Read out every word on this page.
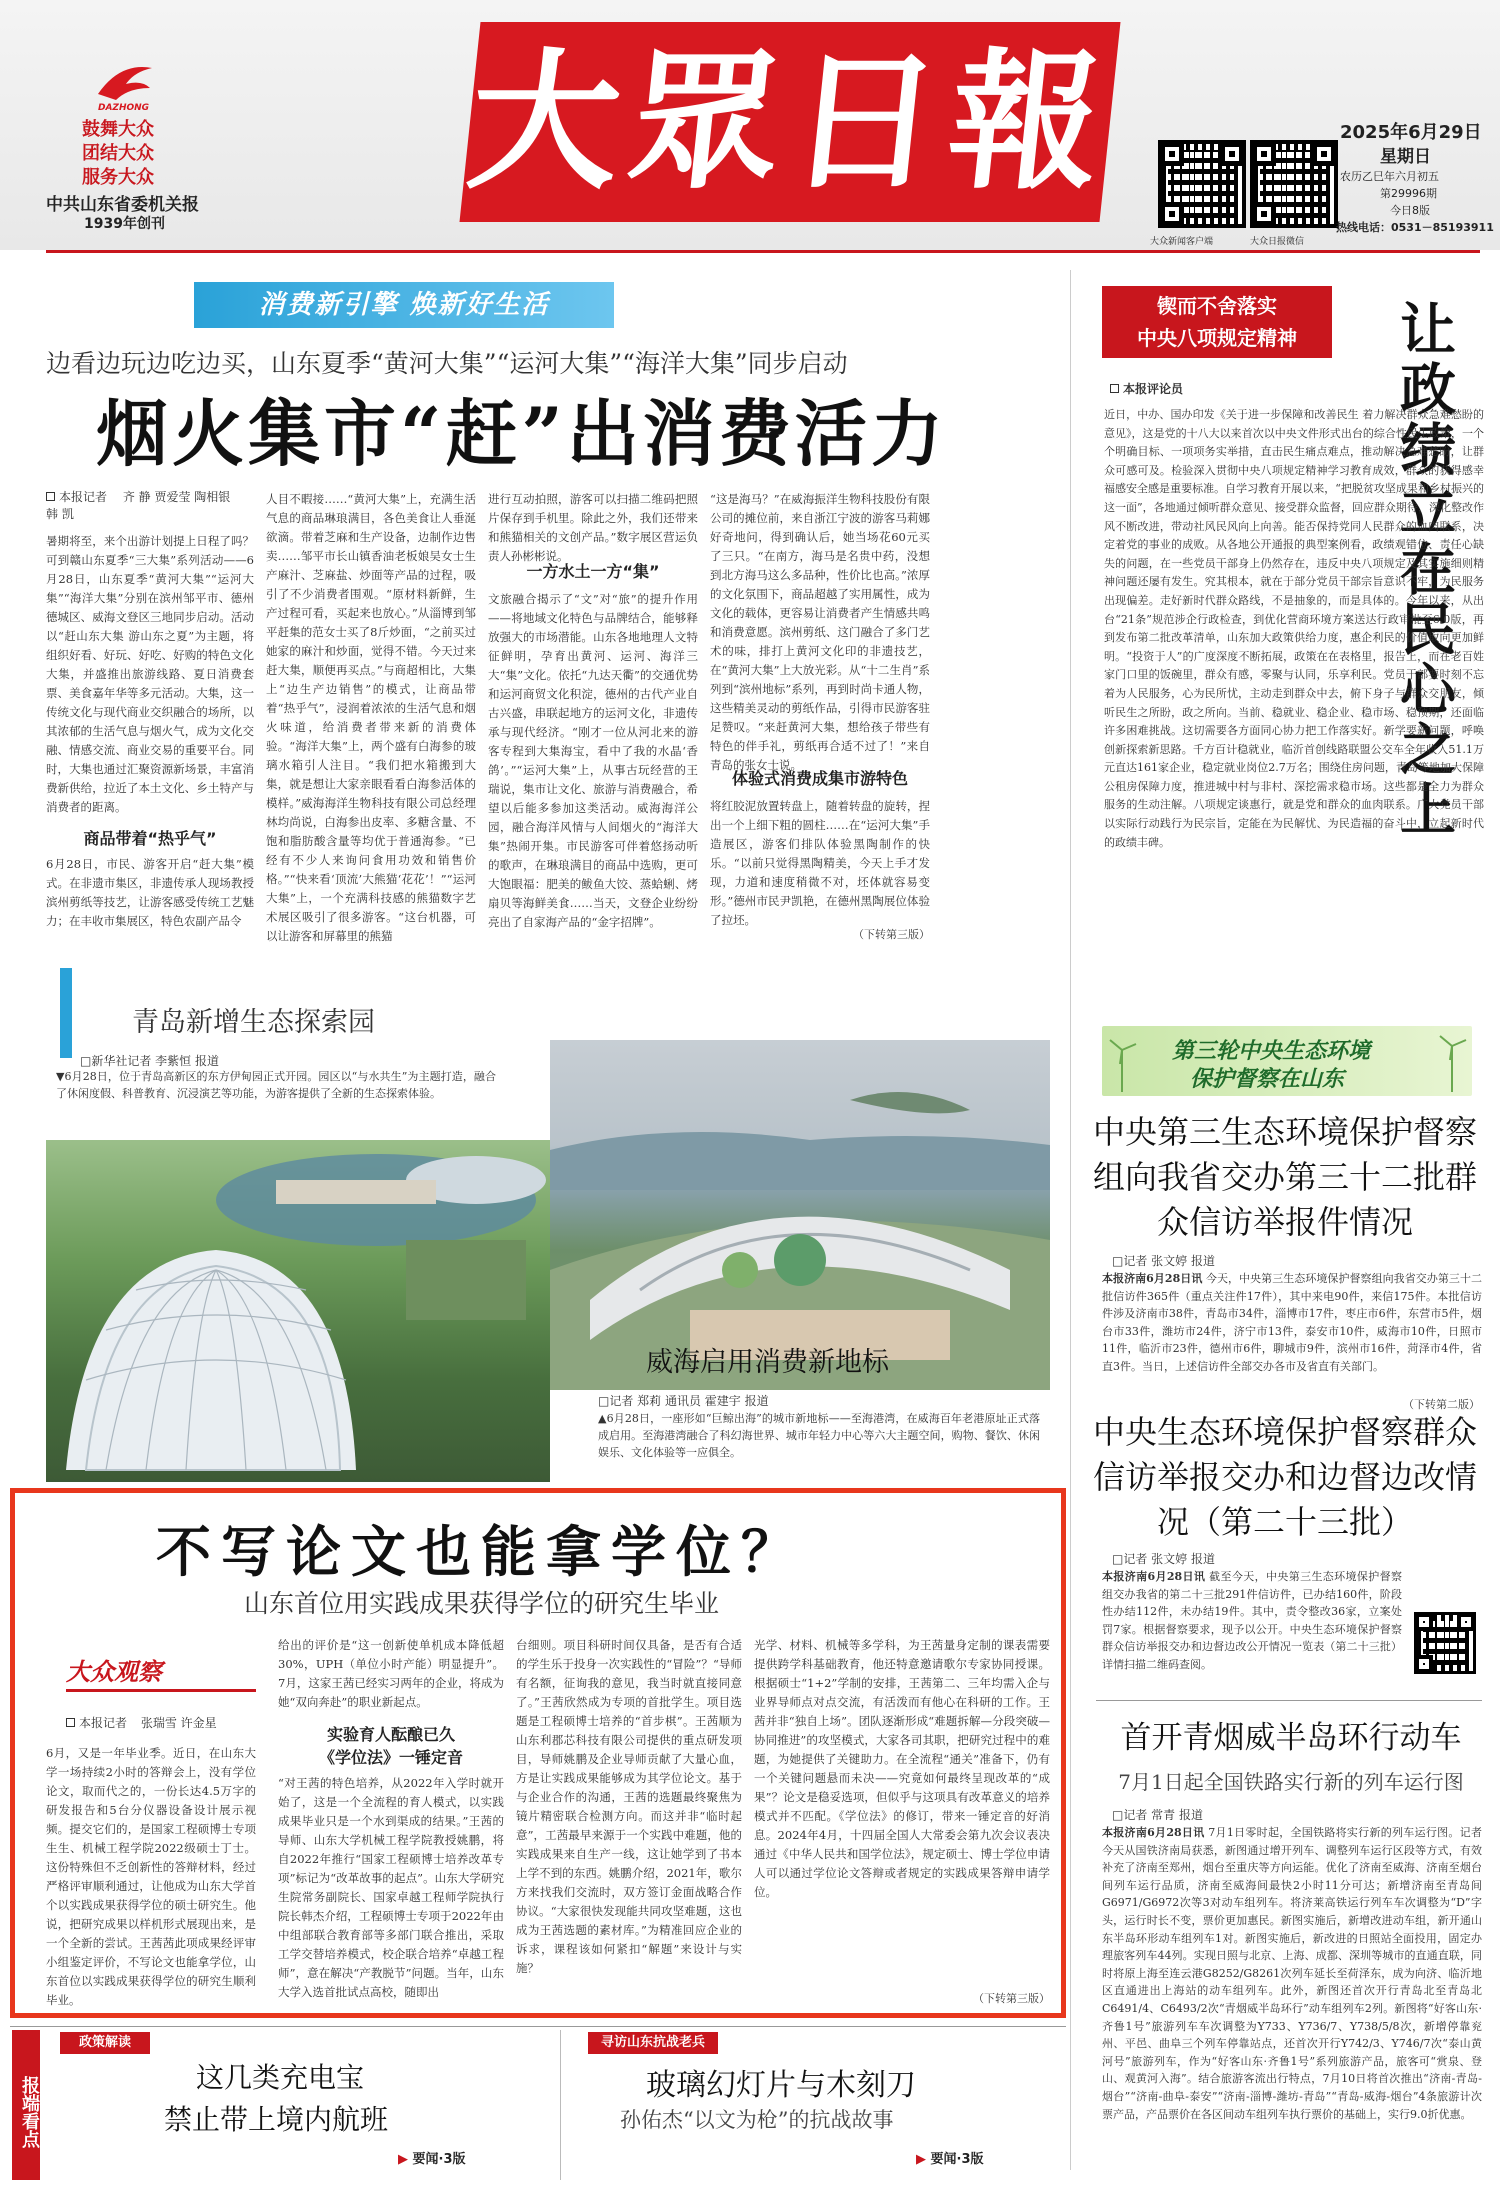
DAZHONG
鼓舞大众
团结大众
服务大众
中共山东省委机关报
1939年创刊
大眾日報
大众新闻客户端	大众日报微信
2025年6月29日
星期日
农历乙巳年六月初五
第29996期
今日8版
热线电话：0531－85193911
消费新引擎 焕新好生活
边看边玩边吃边买，山东夏季“黄河大集”“运河大集”“海洋大集”同步启动
烟火集市“赶”出消费活力
本报记者 齐 静 贾爱莹 陶相银 韩 凯
暑期将至，来个出游计划提上日程了吗？可到赣山东夏季“三大集”系列活动——6月28日，山东夏季“黄河大集”“运河大集”“海洋大集”分别在滨州邹平市、德州德城区、威海文登区三地同步启动。活动以“赶山东大集 游山东之夏”为主题，将组织好看、好玩、好吃、好购的特色文化大集，并盛推出旅游线路、夏日消费套票、美食嘉年华等多元活动。大集，这一传统文化与现代商业交织融合的场所，以其浓郁的生活气息与烟火气，成为文化交融、情感交流、商业交易的重要平台。同时，大集也通过汇聚资源新场景，丰富消费新供给，拉近了本土文化、乡土特产与消费者的距离。
商品带着“热乎气”
6月28日，市民、游客开启“赶大集”模式。在非遗市集区，非遗传承人现场教授滨州剪纸等技艺，让游客感受传统工艺魅力；在丰收市集展区，特色农副产品令
人目不暇接……“黄河大集”上，充满生活气息的商品琳琅满目，各色美食让人垂涎欲滴。带着芝麻和生产设备，边制作边售卖……邹平市长山镇香油老板娘吴女士生产麻汁、芝麻盐、炒面等产品的过程，吸引了不少消费者围观。“原材料新鲜，生产过程可看，买起来也放心。”从淄博到邹平赶集的范女士买了8斤炒面，“之前买过她家的麻汁和炒面，觉得不错。今天过来赶大集，顺便再买点。”与商超相比，大集上“边生产边销售”的模式，让商品带着“热乎气”，浸润着浓浓的生活气息和烟火味道，给消费者带来新的消费体验。“海洋大集”上，两个盛有白海参的玻璃水箱引人注目。“我们把水箱搬到大集，就是想让大家亲眼看看白海参活体的模样。”威海海洋生物科技有限公司总经理林均尚说，白海参出皮率、多糖含量、不饱和脂肪酸含量等均优于普通海参。“已经有不少人来询问食用功效和销售价格。”“快来看‘顶流’大熊猫‘花花’！”“运河大集”上，一个充满科技感的熊猫数字艺术展区吸引了很多游客。“这台机器，可以让游客和屏幕里的熊猫
进行互动拍照，游客可以扫描二维码把照片保存到手机里。除此之外，我们还带来和熊猫相关的文创产品。”数字展区营运负责人孙彬彬说。
一方水土一方“集”
文旅融合揭示了“文”对“旅”的提升作用——将地域文化特色与品牌结合，能够释放强大的市场潜能。山东各地地理人文特征鲜明，孕育出黄河、运河、海洋三大“集”文化。依托“九达天衢”的交通优势和运河商贸文化积淀，德州的古代产业自古兴盛，串联起地方的运河文化，非遗传承与现代经济。“刚才一位从河北来的游客专程到大集海宝，看中了我的水晶‘香鸽’。”“运河大集”上，从事古玩经营的王瑞说，集市让文化、旅游与消费融合，希望以后能多参加这类活动。威海海洋公园，融合海洋风情与人间烟火的“海洋大集”热闹开集。市民游客可伴着悠扬动听的歌声，在琳琅满目的商品中选购，更可大饱眼福：肥美的鲅鱼大饺、蒸蛤蜊、烤扇贝等海鲜美食……当天，文登企业纷纷亮出了自家海产品的“金字招牌”。
“这是海马？”在威海振洋生物科技股份有限公司的摊位前，来自浙江宁波的游客马莉娜好奇地问，得到确认后，她当场花60元买了三只。“在南方，海马是名贵中药，没想到北方海马这么多品种，性价比也高。”浓厚的文化氛围下，商品超越了实用属性，成为文化的载体，更容易让消费者产生情感共鸣和消费意愿。滨州剪纸、这门融合了多门艺术的味，排打上黄河文化印的非遗技艺，在“黄河大集”上大放光彩。从“十二生肖”系列到“滨州地标”系列，再到时尚卡通人物，这些精美灵动的剪纸作品，引得市民游客驻足赞叹。“来赶黄河大集，想给孩子带些有特色的伴手礼，剪纸再合适不过了！”来自青岛的张女士说。
体验式消费成集市游特色
将红胶泥放置转盘上，随着转盘的旋转，捏出一个上细下粗的圆柱……在“运河大集”手造展区，游客们排队体验黑陶制作的快乐。“以前只觉得黑陶精美，今天上手才发现，力道和速度稍微不对，坯体就容易变形。”德州市民尹凯艳，在德州黑陶展位体验了拉坯。
（下转第三版）
青岛新增生态探索园
□新华社记者 李紫恒 报道
▼6月28日，位于青岛高新区的东方伊甸园正式开园。园区以“与水共生”为主题打造，融合了休闲度假、科普教育、沉浸演艺等功能，为游客提供了全新的生态探索体验。
威海启用消费新地标
□记者 郑莉 通讯员 霍建宇 报道
▲6月28日，一座形如“巨鲸出海”的城市新地标——至海港湾，在威海百年老港原址正式落成启用。至海港湾融合了科幻海世界、城市年轻力中心等六大主题空间，购物、餐饮、休闲娱乐、文化体验等一应俱全。
不写论文也能拿学位？
山东首位用实践成果获得学位的研究生毕业
大众观察
本报记者 张瑞雪 许金星
6月，又是一年毕业季。近日，在山东大学一场持续2小时的答辩会上，没有学位论文，取而代之的，一份长达4.5万字的研发报告和5台分仪器设备设计展示视频。提交它们的，是国家工程硕博士专项生生、机械工程学院2022级硕士丁士。这份特殊但不乏创新性的答辩材料，经过严格评审顺利通过，让他成为山东大学首个以实践成果获得学位的硕士研究生。他说，把研究成果以样机形式展现出来，是一个全新的尝试。王茜茜此项成果经评审小组鉴定评价，不写论文也能拿学位，山东首位以实践成果获得学位的研究生顺利毕业。
给出的评价是“这一创新使单机成本降低超30%，UPH（单位小时产能）明显提升”。7月，这家王茜已经实习两年的企业，将成为她“双向奔赴”的职业新起点。
实验育人酝酿已久
《学位法》一锤定音
“对王茜的特色培养，从2022年入学时就开始了，这是一个全流程的育人模式，以实践成果毕业只是一个水到渠成的结果。”王茜的导师、山东大学机械工程学院教授姚鹏，将自2022年推行“国家工程硕博士培养改革专项”标记为“改革故事的起点”。山东大学研究生院常务副院长、国家卓越工程师学院执行院长韩杰介绍，工程硕博士专项于2022年由中组部联合教育部等多部门联合推出，采取工学交替培养模式，校企联合培养“卓越工程师”，意在解决“产教脱节”问题。当年，山东大学入选首批试点高校，随即出
台细则。项目科研时间仅具备，是否有合适的学生乐于投身一次实践性的“冒险”？“导师有名额，征询我的意见，我当时就直接同意了。”王茜欣然成为专项的首批学生。项目选题是工程硕博士培养的“首步棋”。王茜顺为山东利郡芯科技有限公司提供的重点研发项目，导师姚鹏及企业导师贡献了大量心血，方是让实践成果能够成为其学位论文。基于与企业合作的沟通，王茜的选题最终聚焦为镜片精密联合检测方向。而这并非“临时起意”，工茜最早来源于一个实践中难题，他的实践成果来自生产一线，这让她学到了书本上学不到的东西。姚鹏介绍，2021年，歌尔方来找我们交流时，双方签订金面战略合作协议。“大家很快发现能共同攻坚难题，这也成为王茜选题的素材库。”为精准回应企业的诉求，课程该如何紧扣“解题”来设计与实施？
光学、材料、机械等多学科，为王茜量身定制的课表需要提供跨学科基础教育，他还特意邀请歌尔专家协同授课。根据硕士“1+2”学制的安排，王茜第二、三年均需入企与业界导师点对点交流，有活泼而有他心在科研的工作。王茜并非“独自上场”。团队逐渐形成“难题拆解—分段突破—协同推进”的攻坚模式，大家各司其职，把研究过程中的难题，为她提供了关键助力。在全流程“通关”准备下，仍有一个关键问题悬而未决——究竟如何最终呈现改革的“成果”？论文是稳妥选项，但似乎与这项具有改革意义的培养模式并不匹配。《学位法》的修订，带来一锤定音的好消息。2024年4月，十四届全国人大常委会第九次会议表决通过《中华人民共和国学位法》，规定硕士、博士学位申请人可以通过学位论文答辩或者规定的实践成果答辩申请学位。
（下转第三版）
报端看点
政策解读
这几类充电宝
禁止带上境内航班
▶ 要闻·3版
寻访山东抗战老兵
玻璃幻灯片与木刻刀
孙佑杰“以文为枪”的抗战故事
▶ 要闻·3版
锲而不舍落实
中央八项规定精神	让政绩立在民心之上
本报评论员
近日，中办、国办印发《关于进一步保障和改善民生 着力解决群众急难愁盼的意见》，这是党的十八大以来首次以中央文件形式出台的综合性民生政策，一个个明确目标、一项项务实举措，直击民生痛点难点，推动解决急难愁盼，让群众可感可及。检验深入贯彻中央八项规定精神学习教育成效，群众的获得感幸福感安全感是重要标准。自学习教育开展以来，“把脱贫攻坚成果和乡村振兴的这一面”，各地通过倾听群众意见、接受群众监督，回应群众期待，深化整改作风不断改进，带动社风民风向上向善。能否保持党同人民群众的血肉联系，决定着党的事业的成败。从各地公开通报的典型案例看，政绩观错位、责任心缺失的问题，在一些党员干部身上仍然存在，违反中央八项规定及其实施细则精神问题还屡有发生。究其根本，就在于部分党员干部宗旨意识不牢，为民服务出现偏差。走好新时代群众路线，不是抽象的，而是具体的。今年以来，从出台“21条”规范涉企行政检查，到优化营商环境方案送达行政审批至6.0版，再到发布第二批改革清单，山东加大政策供给力度，惠企利民的价值取向更加鲜明。“投资于人”的广度深度不断拓展，政策在在表格里，报告上，而在老百姓家门口里的饭碗里，群众有感，零聚与认同，乐享利民。党员干部要时刻不忘着为人民服务，心为民所忧，主动走到群众中去，俯下身子与群众交朋友，倾听民生之所盼，政之所向。当前、稳就业、稳企业、稳市场、稳预期，还面临许多困难挑战。这切需要各方面同心协力把工作落实好。新学要新问题，呼唤创新探索新思路。千方百计稳就业，临沂首创线路联盟公交车全年收入51.1万元直达161家企业，稳定就业岗位2.7万名；围绕住房问题，青岛等地加大保障公租房保障力度，推进城中村与非村、深挖需求稳市场。这些都是全力为群众服务的生动注解。八项规定谈惠行，就是党和群众的血肉联系。广大党员干部以实际行动践行为民宗旨，定能在为民解忧、为民造福的奋斗中，立起新时代的政绩丰碑。
第三轮中央生态环境
保护督察在山东
中央第三生态环境保护督察组向我省交办第三十二批群众信访举报件情况
□记者 张文婷 报道
本报济南6月28日讯 今天，中央第三生态环境保护督察组向我省交办第三十二批信访件365件（重点关注件17件），其中来电90件，来信175件。本批信访件涉及济南市38件，青岛市34件，淄博市17件，枣庄市6件，东营市5件，烟台市33件，潍坊市24件，济宁市13件，泰安市10件，威海市10件，日照市11件，临沂市23件，德州市6件，聊城市9件，滨州市16件，菏泽市4件，省直3件。当日，上述信访件全部交办各市及省直有关部门。
（下转第二版）
中央生态环境保护督察群众信访举报交办和边督边改情况（第二十三批）
□记者 张文婷 报道
本报济南6月28日讯 截至今天，中央第三生态环境保护督察组交办我省的第二十三批291件信访件，已办结160件，阶段性办结112件，未办结19件。其中，责令整改36家，立案处罚7家。根据督察要求，现予以公开。中央生态环境保护督察群众信访举报交办和边督边改公开情况一览表（第二十三批）详情扫描二维码查阅。
首开青烟威半岛环行动车
7月1日起全国铁路实行新的列车运行图
□记者 常青 报道
本报济南6月28日讯 7月1日零时起，全国铁路将实行新的列车运行图。记者今天从国铁济南局获悉，新图通过增开列车、调整列车运行区段等方式，有效补充了济南至郑州，烟台至重庆等方向运能。优化了济南至威海、济南至烟台间列车运行品质，济南至威海间最快2小时11分可达；新增济南至青岛间G6971/G6972次等3对动车组列车。将济莱高铁运行列车车次调整为“D”字头，运行时长不变，票价更加惠民。新图实施后，新增改进动车组，新开通山东半岛环形动车组列车1对。新图实施后，新改进的日照站全面投用，固定办理旅客列车44列。实现日照与北京、上海、成都、深圳等城市的直通直联，同时将原上海至连云港G8252/G8261次列车延长至荷泽东，成为向济、临沂地区直通进出上海站的动车组列车。此外，新图还首次开行青岛北至青岛北C6491/4、C6493/2次“青烟威半岛环行”动车组列车2列。新图将“好客山东·齐鲁1号”旅游列车车次调整为Y733、Y736/7、Y738/5/8次，新增停靠兖州、平邑、曲阜三个列车停靠站点，还首次开行Y742/3、Y746/7次“泰山黄河号”旅游列车，作为“好客山东·齐鲁1号”系列旅游产品，旅客可“赏泉、登山、观黄河入海”。结合旅游客流出行特点，7月10日将首次推出“济南-青岛-烟台”“济南-曲阜-泰安”“济南-淄博-潍坊-青岛”“青岛-威海-烟台”4条旅游计次票产品，产品票价在各区间动车组列车执行票价的基础上，实行9.0折优惠。
